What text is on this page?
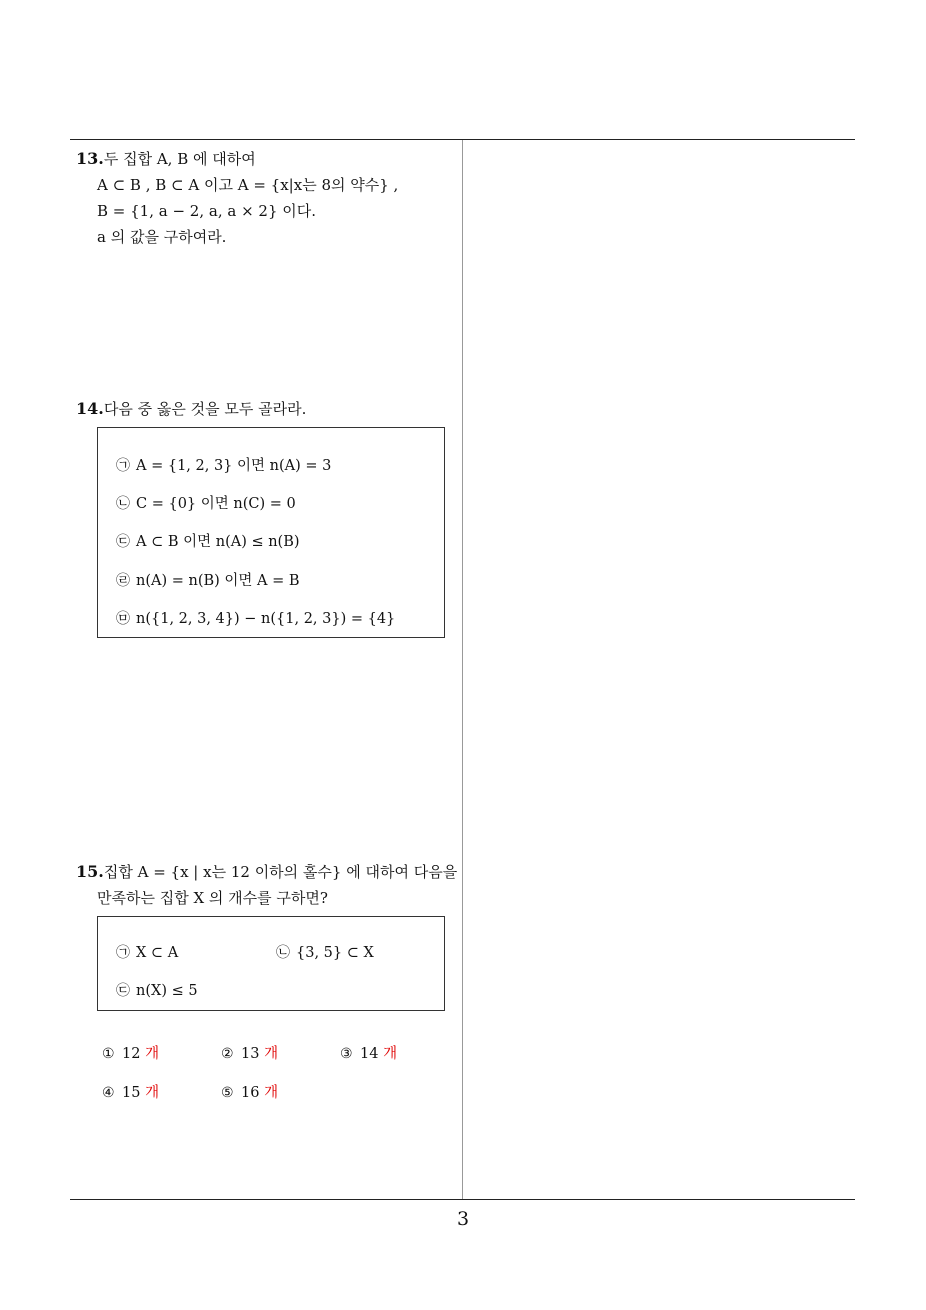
3
13.두 집합 A, B 에 대하여
A ⊂ B , B ⊂ A 이고 A = {x|x는 8의 약수} ,
B = {1, a − 2, a, a × 2} 이다.
a 의 값을 구하여라.
14.다음 중 옳은 것을 모두 골라라.
㉠ A = {1, 2, 3} 이면 n(A) = 3
㉡ C = {0} 이면 n(C) = 0
㉢ A ⊂ B 이면 n(A) ≤ n(B)
㉣ n(A) = n(B) 이면 A = B
㉤ n({1, 2, 3, 4}) − n({1, 2, 3}) = {4}
15.집합 A = {x | x는 12 이하의 홀수} 에 대하여 다음을
만족하는 집합 X 의 개수를 구하면?
㉠ X ⊂ A	㉡ {3, 5} ⊂ X
㉢ n(X) ≤ 5
① 12 개	② 13 개	③ 14 개
④ 15 개	⑤ 16 개
